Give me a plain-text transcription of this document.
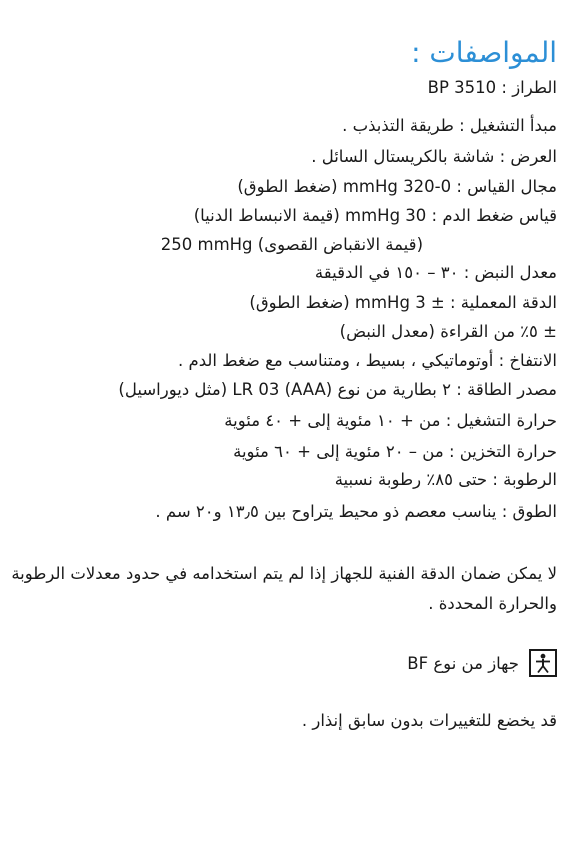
المواصفات :

الطراز : BP 3510

مبدأ التشغيل : طريقة التذبذب .

العرض : شاشة بالكريستال السائل .

مجال القياس : 0-320 mmHg (ضغط الطوق)

قياس ضغط الدم : 30 mmHg (قيمة الانبساط الدنيا)

250 mmHg (قيمة الانقباض القصوى)

معدل النبض : ٣٠ – ١٥٠ في الدقيقة

الدقة المعملية : ± 3 mmHg (ضغط الطوق)

± ٥٪ من القراءة (معدل النبض)

الانتفاخ : أوتوماتيكي ، بسيط ، ومتناسب مع ضغط الدم .

مصدر الطاقة : ٢ بطارية من نوع (AAA) LR 03 (مثل ديوراسيل)

حرارة التشغيل : من + ١٠ مئوية إلى + ٤٠ مئوية

حرارة التخزين : من – ٢٠ مئوية إلى + ٦٠ مئوية

الرطوبة : حتى ٨٥٪ رطوبة نسبية

الطوق : يناسب معصم ذو محيط يتراوح بين ١٣٫٥ و٢٠ سم .

لا يمكن ضمان الدقة الفنية للجهاز إذا لم يتم استخدامه في حدود معدلات الرطوبة

والحرارة المحددة .

جهاز من نوع BF

قد يخضع للتغييرات بدون سابق إنذار .
